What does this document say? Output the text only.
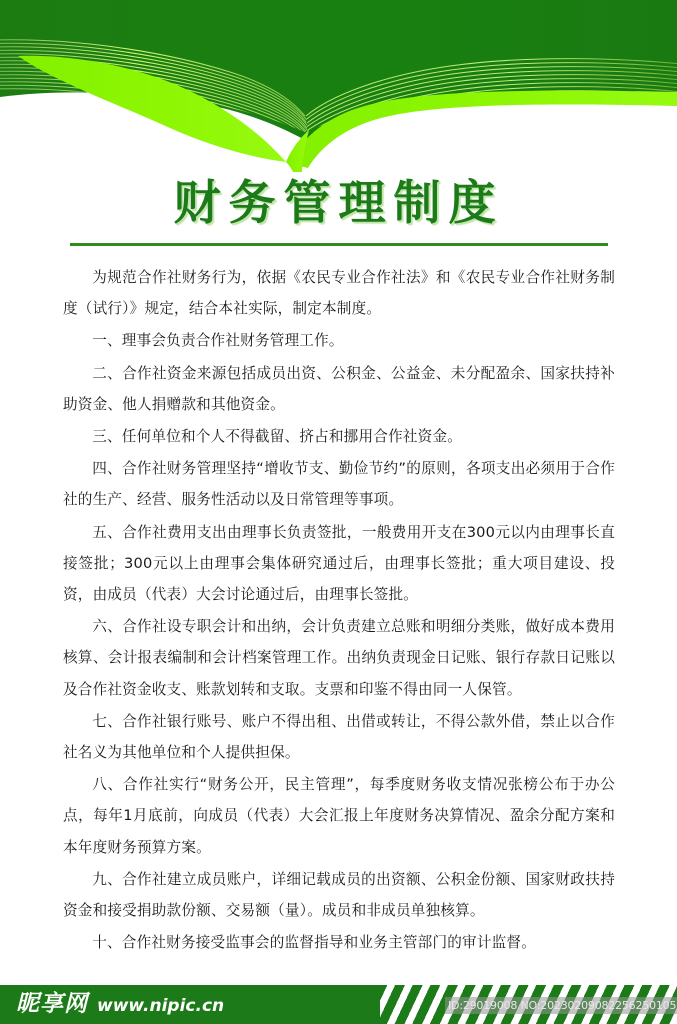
财务管理制度

为规范合作社财务行为，依据《农民专业合作社法》和《农民专业合作社财务制度（试行）》规定，结合本社实际，制定本制度。

一、理事会负责合作社财务管理工作。

二、合作社资金来源包括成员出资、公积金、公益金、未分配盈余、国家扶持补助资金、他人捐赠款和其他资金。

三、任何单位和个人不得截留、挤占和挪用合作社资金。

四、合作社财务管理坚持“增收节支、勤俭节约”的原则，各项支出必须用于合作社的生产、经营、服务性活动以及日常管理等事项。

五、合作社费用支出由理事长负责签批，一般费用开支在300元以内由理事长直接签批；300元以上由理事会集体研究通过后，由理事长签批；重大项目建设、投资，由成员（代表）大会讨论通过后，由理事长签批。

六、合作社设专职会计和出纳，会计负责建立总账和明细分类账，做好成本费用核算、会计报表编制和会计档案管理工作。出纳负责现金日记账、银行存款日记账以及合作社资金收支、账款划转和支取。支票和印鉴不得由同一人保管。

七、合作社银行账号、账户不得出租、出借或转让，不得公款外借，禁止以合作社名义为其他单位和个人提供担保。

八、合作社实行“财务公开，民主管理”，每季度财务收支情况张榜公布于办公点，每年1月底前，向成员（代表）大会汇报上年度财务决算情况、盈余分配方案和本年度财务预算方案。

九、合作社建立成员账户，详细记载成员的出资额、公积金份额、国家财政扶持资金和接受捐助款份额、交易额（量）。成员和非成员单独核算。

十、合作社财务接受监事会的监督指导和业务主管部门的审计监督。

ID:29019008 NO:20230209082256250105
昵享网 www.nipic.cn
